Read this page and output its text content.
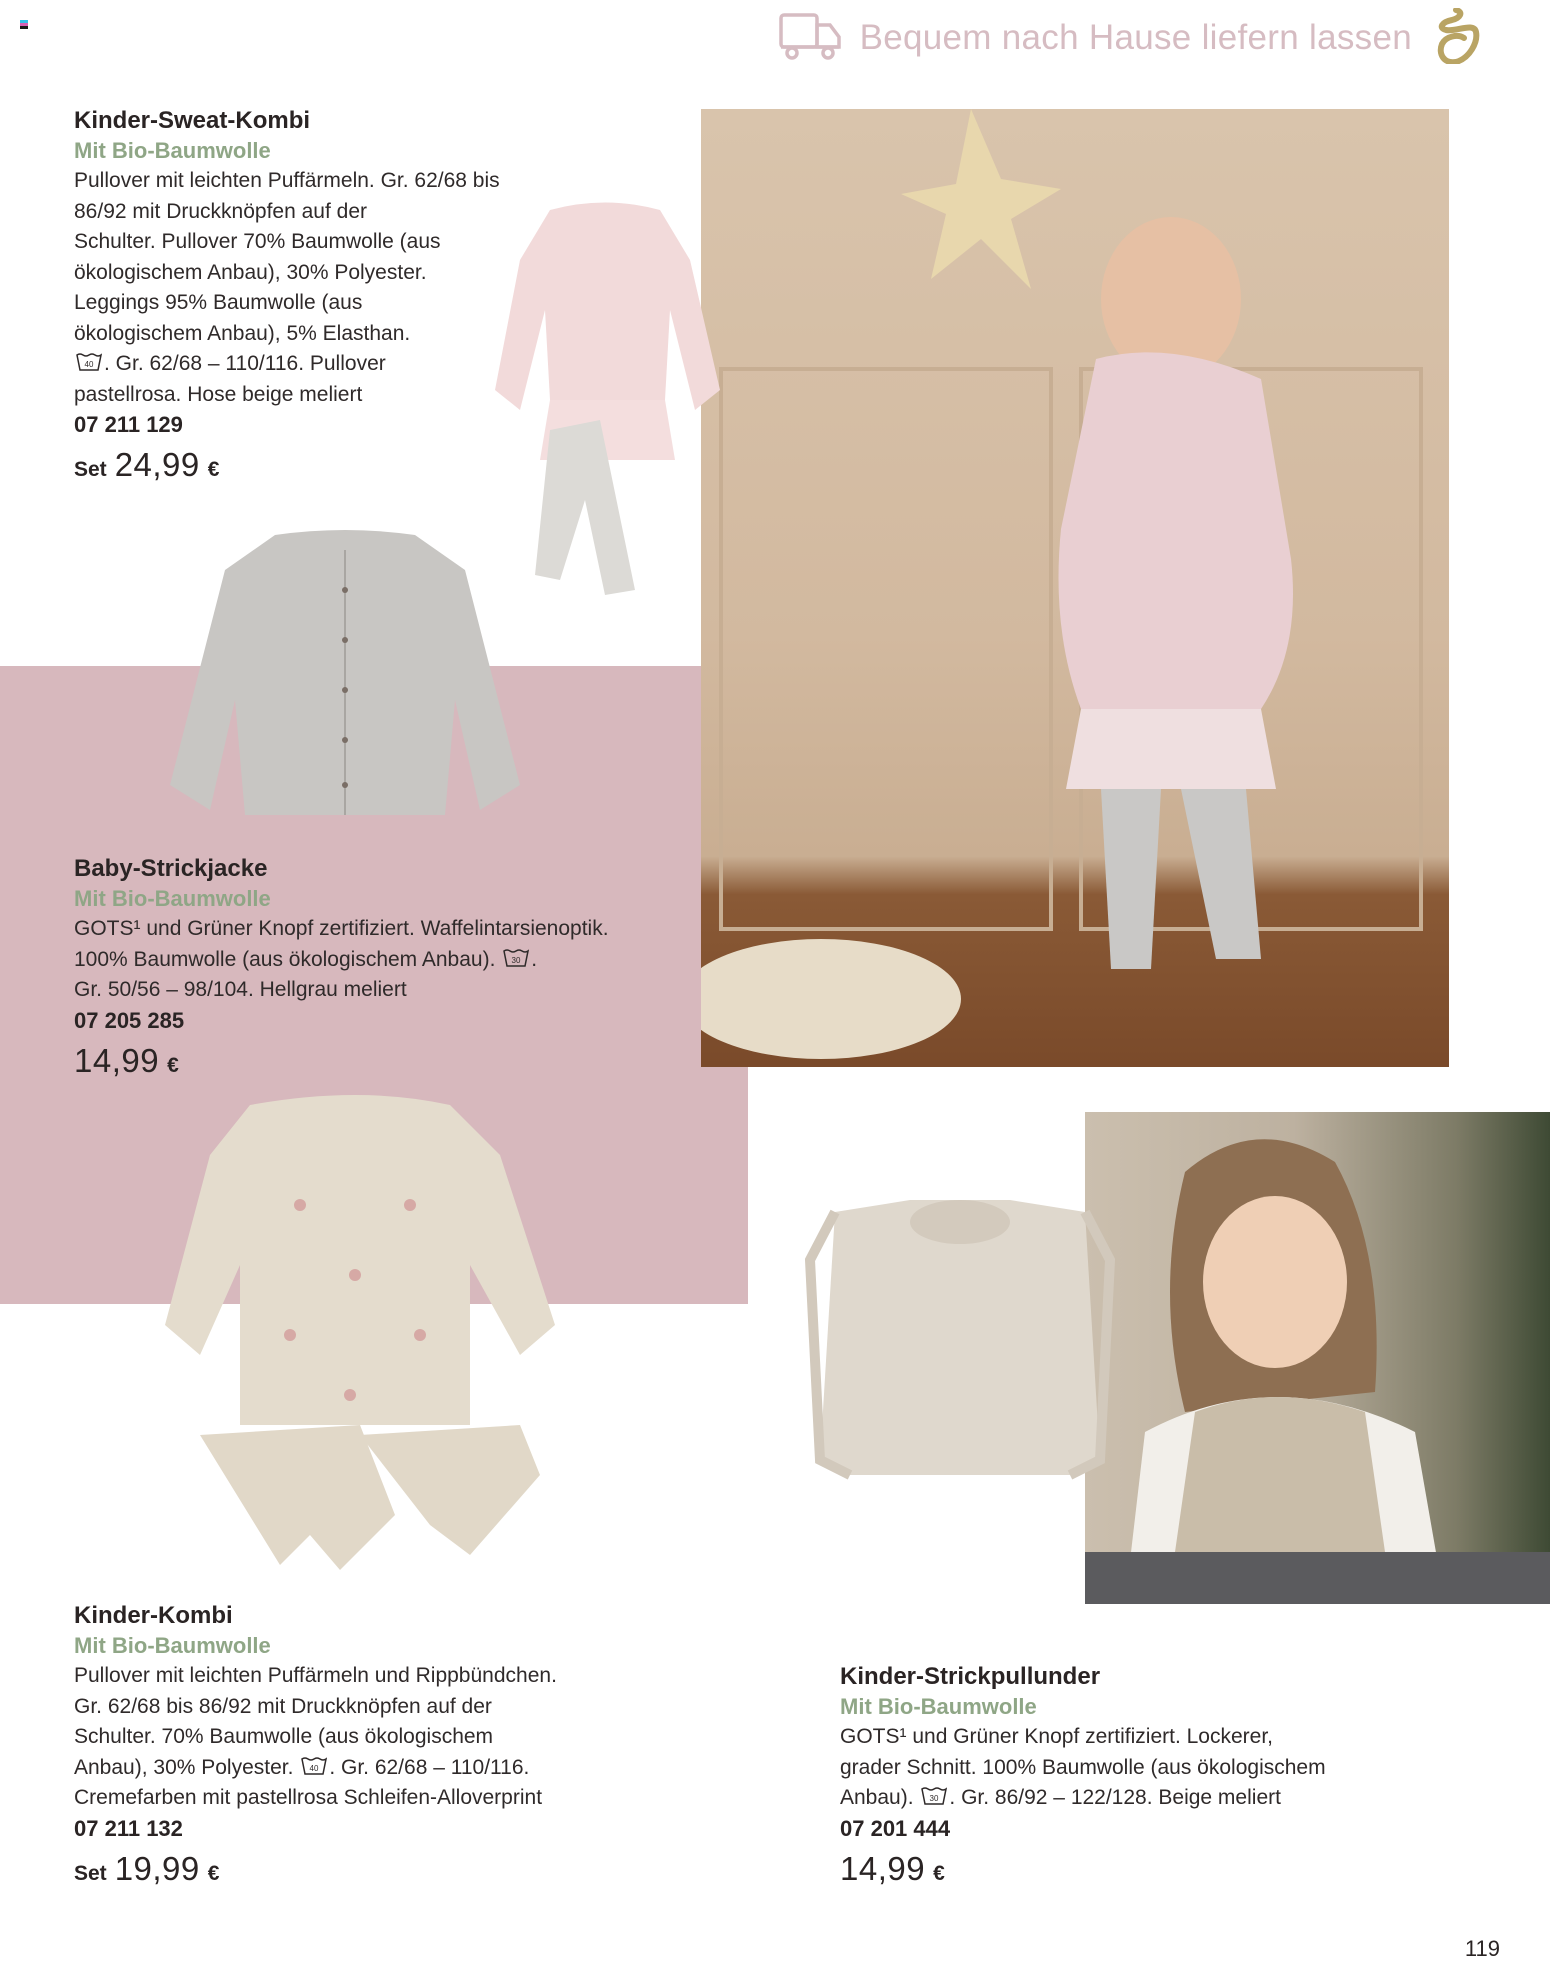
Bequem nach Hause liefern lassen
Kinder-Sweat-Kombi
Mit Bio-Baumwolle
Pullover mit leichten Puffärmeln. Gr. 62/68 bis
86/92 mit Druckknöpfen auf der
Schulter. Pullover 70% Baumwolle (aus
ökologischem Anbau), 30% Polyester.
Leggings 95% Baumwolle (aus
ökologischem Anbau), 5% Elasthan.
40 . Gr. 62/68 – 110/116. Pullover
pastellrosa. Hose beige meliert
07 211 129
Set 24,99 €
Baby-Strickjacke
Mit Bio-Baumwolle
GOTS¹ und Grüner Knopf zertifiziert. Waffelintarsienoptik.
100% Baumwolle (aus ökologischem Anbau). 30 .
Gr. 50/56 – 98/104. Hellgrau meliert
07 205 285
14,99 €
Kinder-Kombi
Mit Bio-Baumwolle
Pullover mit leichten Puffärmeln und Rippbündchen.
Gr. 62/68 bis 86/92 mit Druckknöpfen auf der
Schulter. 70% Baumwolle (aus ökologischem
Anbau), 30% Polyester. 40 . Gr. 62/68 – 110/116.
Cremefarben mit pastellrosa Schleifen-Alloverprint
07 211 132
Set 19,99 €
Kinder-Strickpullunder
Mit Bio-Baumwolle
GOTS¹ und Grüner Knopf zertifiziert. Lockerer,
grader Schnitt. 100% Baumwolle (aus ökologischem
Anbau). 30 . Gr. 86/92 – 122/128. Beige meliert
07 201 444
14,99 €
119
